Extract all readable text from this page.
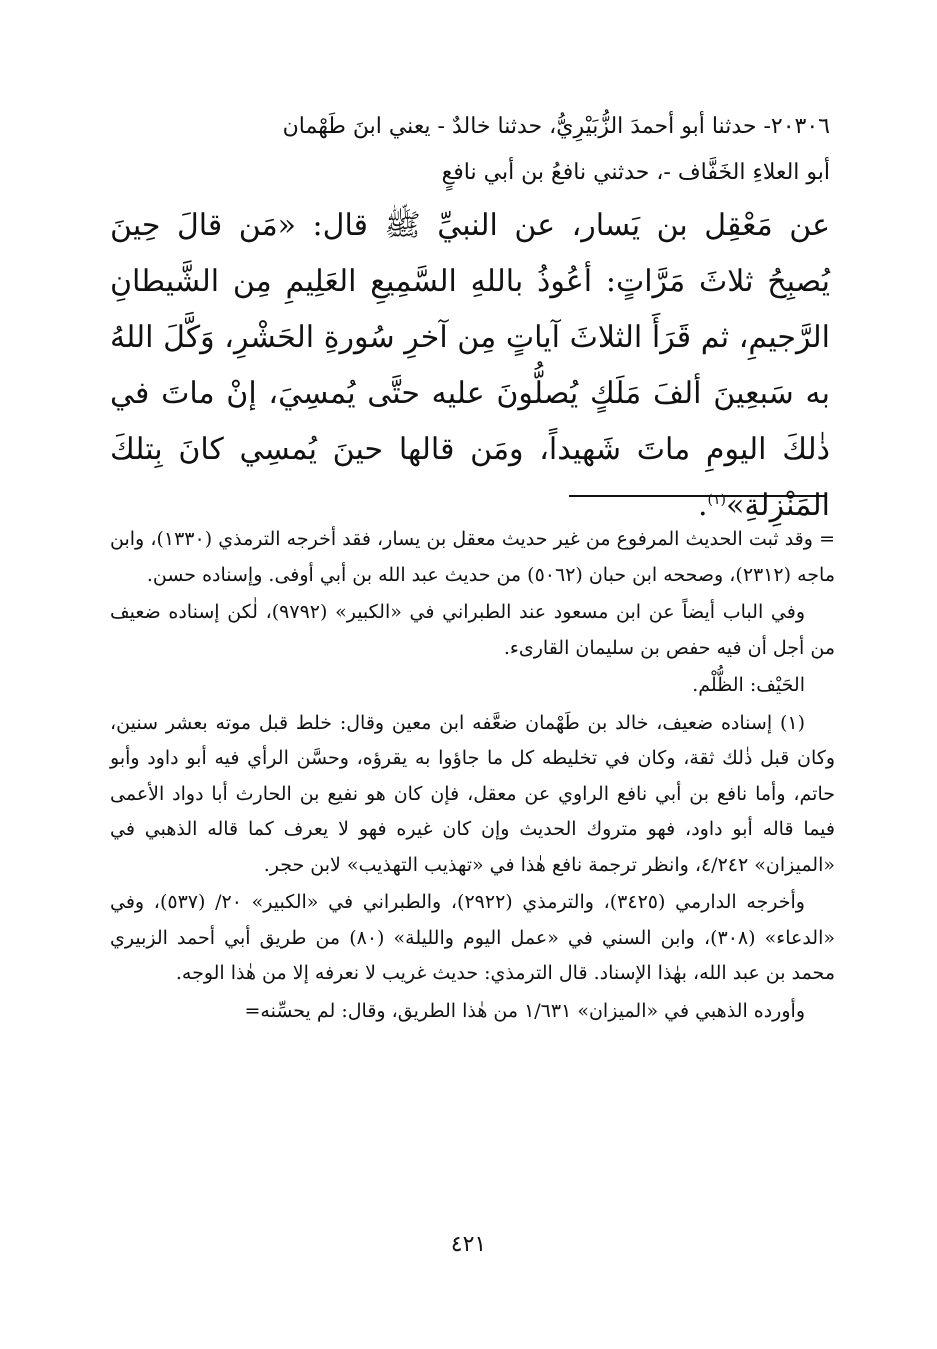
٢٠٣٠٦- حدثنا أبو أحمدَ الزُّبَيْرِيُّ، حدثنا خالدٌ - يعني ابنَ طَهْمان

أبو العلاءِ الخَفَّاف -، حدثني نافعُ بن أبي نافعٍ

عن مَعْقِل بن يَسار، عن النبيِّ ﷺ قال: «مَن قالَ حِينَ يُصبِحُ ثلاثَ مَرَّاتٍ: أعُوذُ باللهِ السَّمِيعِ العَلِيمِ مِن الشَّيطانِ الرَّجيمِ، ثم قَرَأَ الثلاثَ آياتٍ مِن آخرِ سُورةِ الحَشْرِ، وَكَّلَ اللهُ به سَبعِينَ ألفَ مَلَكٍ يُصلُّونَ عليه حتَّى يُمسِيَ، إنْ ماتَ في ذٰلكَ اليومِ ماتَ شَهيداً، ومَن قالها حينَ يُمسِي كانَ بِتلكَ المَنْزِلةِ»$^{(١)}$.

= وقد ثبت الحديث المرفوع من غير حديث معقل بن يسار، فقد أخرجه الترمذي (١٣٣٠)، وابن ماجه (٢٣١٢)، وصححه ابن حبان (٥٠٦٢) من حديث عبد الله بن أبي أوفى. وإسناده حسن.

وفي الباب أيضاً عن ابن مسعود عند الطبراني في «الكبير» (٩٧٩٢)، لٰكن إسناده ضعيف من أجل أن فيه حفص بن سليمان القارىء.

الحَيْف: الظُّلْم.

(١) إسناده ضعيف، خالد بن طَهْمان ضعَّفه ابن معين وقال: خلط قبل موته بعشر سنين، وكان قبل ذٰلك ثقة، وكان في تخليطه كل ما جاؤوا به يقرؤه، وحسَّن الرأي فيه أبو داود وأبو حاتم، وأما نافع بن أبي نافع الراوي عن معقل، فإن كان هو نفيع بن الحارث أبا دواد الأعمى فيما قاله أبو داود، فهو متروك الحديث وإن كان غيره فهو لا يعرف كما قاله الذهبي في «الميزان» ٤/٢٤٢، وانظر ترجمة نافع هٰذا في «تهذيب التهذيب» لابن حجر.

وأخرجه الدارمي (٣٤٢٥)، والترمذي (٢٩٢٢)، والطبراني في «الكبير» ٢٠/ (٥٣٧)، وفي «الدعاء» (٣٠٨)، وابن السني في «عمل اليوم والليلة» (٨٠) من طريق أبي أحمد الزبيري محمد بن عبد الله، بهٰذا الإسناد. قال الترمذي: حديث غريب لا نعرفه إلا من هٰذا الوجه.

وأورده الذهبي في «الميزان» ١/٦٣١ من هٰذا الطريق، وقال: لم يحسِّنه=

٤٢١
